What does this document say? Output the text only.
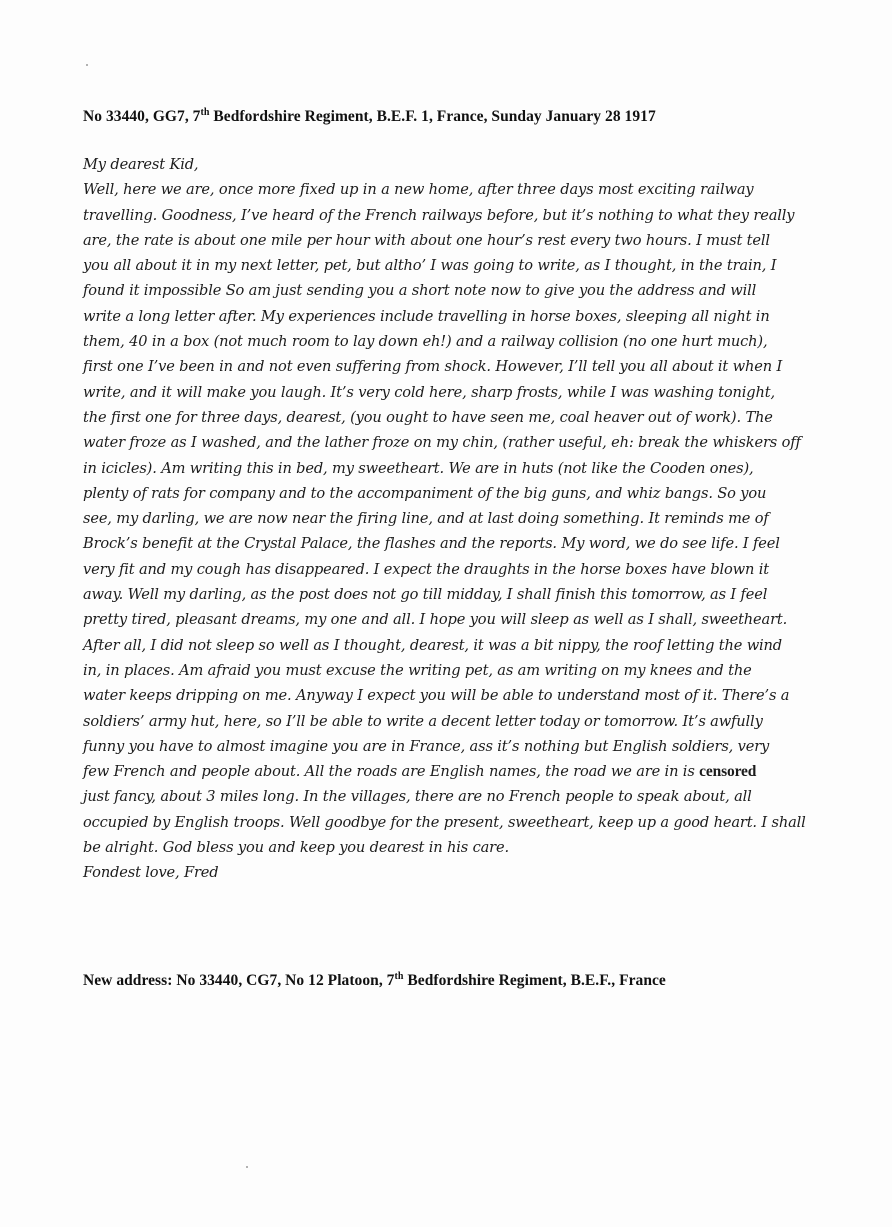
No 33440, GG7, 7th Bedfordshire Regiment, B.E.F. 1, France, Sunday January 28 1917
My dearest Kid,
Well, here we are, once more fixed up in a new home, after three days most exciting railway
travelling. Goodness, I’ve heard of the French railways before, but it’s nothing to what they really
are, the rate is about one mile per hour with about one hour’s rest every two hours. I must tell
you all about it in my next letter, pet, but altho’ I was going to write, as I thought, in the train, I
found it impossible So am just sending you a short note now to give you the address and will
write a long letter after. My experiences include travelling in horse boxes, sleeping all night in
them, 40 in a box (not much room to lay down eh!) and a railway collision (no one hurt much),
first one I’ve been in and not even suffering from shock. However, I’ll tell you all about it when I
write, and it will make you laugh. It’s very cold here, sharp frosts, while I was washing tonight,
the first one for three days, dearest, (you ought to have seen me, coal heaver out of work). The
water froze as I washed, and the lather froze on my chin, (rather useful, eh: break the whiskers off
in icicles). Am writing this in bed, my sweetheart. We are in huts (not like the Cooden ones),
plenty of rats for company and to the accompaniment of the big guns, and whiz bangs. So you
see, my darling, we are now near the firing line, and at last doing something. It reminds me of
Brock’s benefit at the Crystal Palace, the flashes and the reports. My word, we do see life. I feel
very fit and my cough has disappeared. I expect the draughts in the horse boxes have blown it
away. Well my darling, as the post does not go till midday, I shall finish this tomorrow, as I feel
pretty tired, pleasant dreams, my one and all. I hope you will sleep as well as I shall, sweetheart.
After all, I did not sleep so well as I thought, dearest, it was a bit nippy, the roof letting the wind
in, in places. Am afraid you must excuse the writing pet, as am writing on my knees and the
water keeps dripping on me. Anyway I expect you will be able to understand most of it. There’s a
soldiers’ army hut, here, so I’ll be able to write a decent letter today or tomorrow. It’s awfully
funny you have to almost imagine you are in France, ass it’s nothing but English soldiers, very
few French and people about. All the roads are English names, the road we are in is censored
just fancy, about 3 miles long. In the villages, there are no French people to speak about, all
occupied by English troops. Well goodbye for the present, sweetheart, keep up a good heart. I shall
be alright. God bless you and keep you dearest in his care.
Fondest love, Fred
New address: No 33440, CG7, No 12 Platoon, 7th Bedfordshire Regiment, B.E.F., France
